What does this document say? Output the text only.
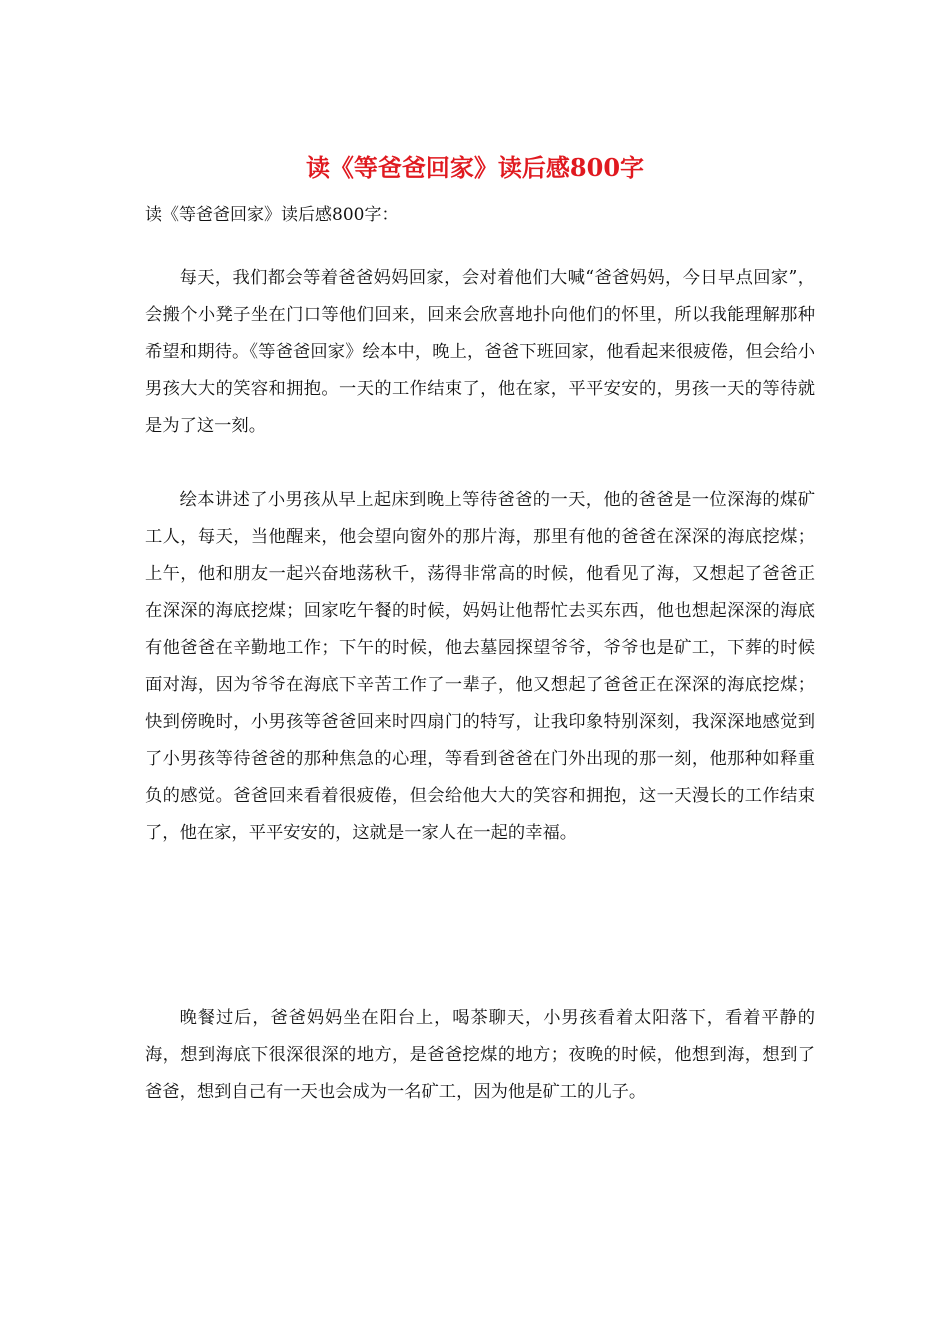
读《等爸爸回家》读后感800字

读《等爸爸回家》读后感800字：

每天，我们都会等着爸爸妈妈回家，会对着他们大喊“爸爸妈妈，今日早点回家”，会搬个小凳子坐在门口等他们回来，回来会欣喜地扑向他们的怀里，所以我能理解那种希望和期待。《等爸爸回家》绘本中，晚上，爸爸下班回家，他看起来很疲倦，但会给小男孩大大的笑容和拥抱。一天的工作结束了，他在家，平平安安的，男孩一天的等待就是为了这一刻。

绘本讲述了小男孩从早上起床到晚上等待爸爸的一天，他的爸爸是一位深海的煤矿工人，每天，当他醒来，他会望向窗外的那片海，那里有他的爸爸在深深的海底挖煤；上午，他和朋友一起兴奋地荡秋千，荡得非常高的时候，他看见了海，又想起了爸爸正在深深的海底挖煤；回家吃午餐的时候，妈妈让他帮忙去买东西，他也想起深深的海底有他爸爸在辛勤地工作；下午的时候，他去墓园探望爷爷，爷爷也是矿工，下葬的时候面对海，因为爷爷在海底下辛苦工作了一辈子，他又想起了爸爸正在深深的海底挖煤；快到傍晚时，小男孩等爸爸回来时四扇门的特写，让我印象特别深刻，我深深地感觉到了小男孩等待爸爸的那种焦急的心理，等看到爸爸在门外出现的那一刻，他那种如释重负的感觉。爸爸回来看着很疲倦，但会给他大大的笑容和拥抱，这一天漫长的工作结束了，他在家，平平安安的，这就是一家人在一起的幸福。

晚餐过后，爸爸妈妈坐在阳台上，喝茶聊天，小男孩看着太阳落下，看着平静的海，想到海底下很深很深的地方，是爸爸挖煤的地方；夜晚的时候，他想到海，想到了爸爸，想到自己有一天也会成为一名矿工，因为他是矿工的儿子。
